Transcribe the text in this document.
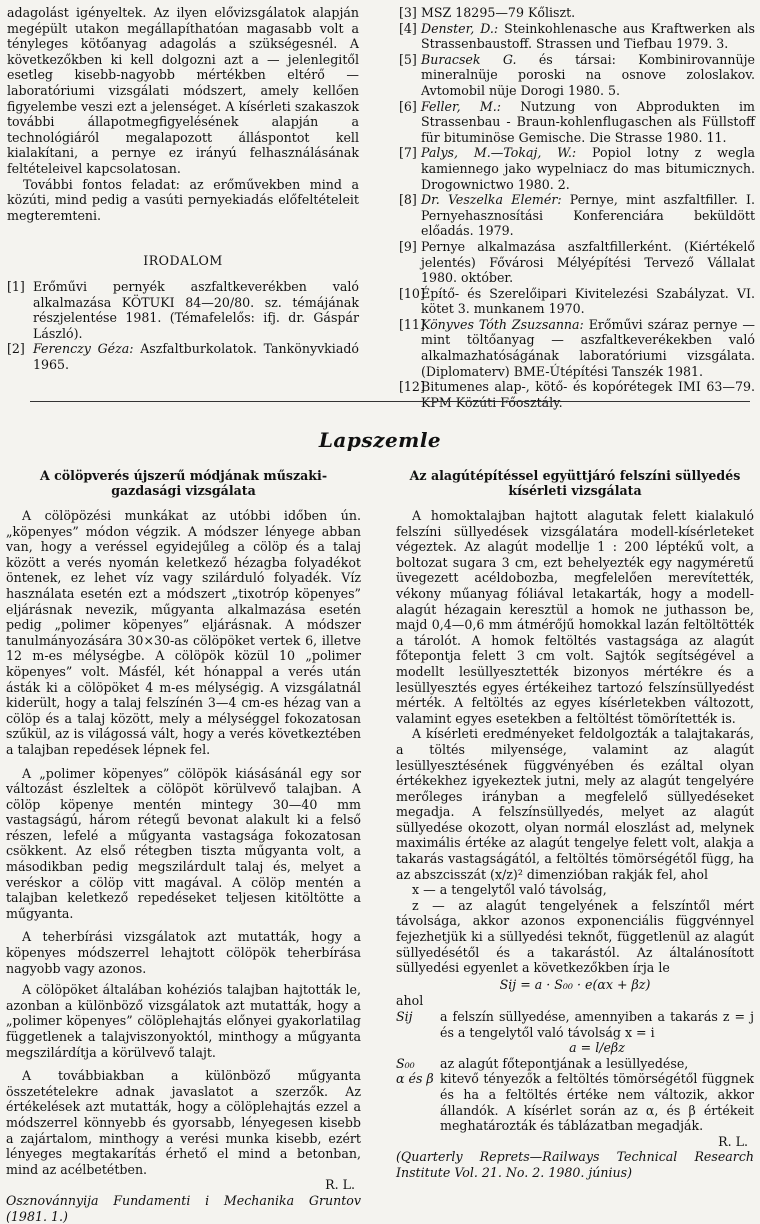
adagolást igényeltek. Az ilyen elővizsgálatok alapján megépült utakon megállapíthatóan magasabb volt a tényleges kötőanyag adagolás a szükségesnél. A következőkben ki kell dolgozni azt a — jelenlegitől esetleg kisebb-nagyobb mértékben eltérő — laboratóriumi vizsgálati módszert, amely kellően figyelembe veszi ezt a jelenséget. A kísérleti szakaszok további állapotmegfigyelésének alapján a technológiáról megalapozott álláspontot kell kialakítani, a pernye ez irányú felhasználásának feltételeivel kapcsolatosan.

További fontos feladat: az erőművekben mind a közúti, mind pedig a vasúti pernyekiadás előfeltételeit megteremteni.

IRODALOM
[1] Erőművi pernyék aszfaltkeverékben való alkalmazása KÖTUKI 84—20/80. sz. témájának részjelentése 1981. (Témafelelős: ifj. dr. Gáspár László).
[2] Ferenczy Géza: Aszfaltburkolatok. Tankönyvkiadó 1965.
[3] MSZ 18295—79 Kőliszt.
[4] Denster, D.: Steinkohlenasche aus Kraftwerken als Strassenbaustoff. Strassen und Tiefbau 1979. 3.
[5] Buracsek G. és társai: Kombinirovannüje mineralnüje poroski na osnove zoloslakov. Avtomobil nüje Dorogi 1980. 5.
[6] Feller, M.: Nutzung von Abprodukten im Strassenbau - Braun-kohlenflugaschen als Füllstoff für bituminöse Gemische. Die Strasse 1980. 11.
[7] Palys, M.—Tokaj, W.: Popiol lotny z wegla kamiennego jako wypelniacz do mas bitumicznych. Drogownictwo 1980. 2.
[8] Dr. Veszelka Elemér: Pernye, mint aszfaltfiller. I. Pernyehasznosítási Konferenciára beküldött előadás. 1979.
[9] Pernye alkalmazása aszfaltfillerként. (Kiértékelő jelentés) Fővárosi Mélyépítési Tervező Vállalat 1980. október.
[10]
Építő- és Szerelőipari Kivitelezési Szabályzat. VI. kötet 3. munkanem 1970.
[11]
Könyves Tóth Zsuzsanna: Erőművi száraz pernye — mint töltőanyag — aszfaltkeverékekben való alkalmazhatóságának laboratóriumi vizsgálata. (Diplomaterv) BME-Útépítési Tanszék 1981.
[12]
Bitumenes alap-, kötő- és kopórétegek IMI 63—79. KPM Közúti Főosztály.
Lapszemle
A cölöpverés újszerű módjának műszaki-gazdasági vizsgálata

A cölöpözési munkákat az utóbbi időben ún. „köpenyes” módon végzik. A módszer lényege abban van, hogy a veréssel egyidejűleg a cölöp és a talaj között a verés nyomán keletkező hézagba folyadékot öntenek, ez lehet víz vagy szilárduló folyadék. Víz használata esetén ezt a módszert „tixotróp köpenyes” eljárásnak nevezik, műgyanta alkalmazása esetén pedig „polimer köpenyes” eljárásnak. A módszer tanulmányozására 30×30-as cölöpöket vertek 6, illetve 12 m-es mélységbe. A cölöpök közül 10 „polimer köpenyes” volt. Másfél, két hónappal a verés után ásták ki a cölöpöket 4 m-es mélységig. A vizsgálatnál kiderült, hogy a talaj felszínén 3—4 cm-es hézag van a cölöp és a talaj között, mely a mélységgel fokozatosan szűkül, az is világossá vált, hogy a verés következtében a talajban repedések lépnek fel.

A „polimer köpenyes” cölöpök kiásásánál egy sor változást észleltek a cölöpöt körülvevő talajban. A cölöp köpenye mentén mintegy 30—40 mm vastagságú, három rétegű bevonat alakult ki a felső részen, lefelé a műgyanta vastagsága fokozatosan csökkent. Az első rétegben tiszta műgyanta volt, a másodikban pedig megszilárdult talaj és, melyet a veréskor a cölöp vitt magával. A cölöp mentén a talajban keletkező repedéseket teljesen kitöltötte a műgyanta.

A teherbírási vizsgálatok azt mutatták, hogy a köpenyes módszerrel lehajtott cölöpök teherbírása nagyobb vagy azonos.

A cölöpöket általában kohéziós talajban hajtották le, azonban a különböző vizsgálatok azt mutatták, hogy a „polimer köpenyes” cölöplehajtás előnyei gyakorlatilag függetlenek a talajviszonyoktól, minthogy a műgyanta megszilárdítja a körülvevő talajt.

A továbbiakban a különböző műgyanta összetételekre adnak javaslatot a szerzők. Az értékelések azt mutatták, hogy a cölöplehajtás ezzel a módszerrel könnyebb és gyorsabb, lényegesen kisebb a zajártalom, minthogy a verési munka kisebb, ezért lényeges megtakarítás érhető el mind a betonban, mind az acélbetétben.

R. L.
Osznovánnyija Fundamenti i Mechanika Gruntov (1981. 1.)
Az alagútépítéssel együttjáró felszíni süllyedés kísérleti vizsgálata

A homoktalajban hajtott alagutak felett kialakuló felszíni süllyedések vizsgálatára modell-kísérleteket végeztek. Az alagút modellje 1 : 200 léptékű volt, a boltozat sugara 3 cm, ezt behelyezték egy nagyméretű üvegezett acéldobozba, megfelelően merevítették, vékony műanyag fóliával letakarták, hogy a modell-alagút hézagain keresztül a homok ne juthasson be, majd 0,4—0,6 mm átmérőjű homokkal lazán feltöltötték a tárolót. A homok feltöltés vastagsága az alagút főtepontja felett 3 cm volt. Sajtók segítségével a modellt lesüllyesztették bizonyos mértékre és a lesüllyesztés egyes értékeihez tartozó felszínsüllyedést mérték. A feltöltés az egyes kísérletekben változott, valamint egyes esetekben a feltöltést tömörítették is.

A kísérleti eredményeket feldolgozták a talajtakarás, a töltés milyensége, valamint az alagút lesüllyesztésének függvényében és ezáltal olyan értékekhez igyekeztek jutni, mely az alagút tengelyére merőleges irányban a megfelelő süllyedéseket megadja. A felszínsüllyedés, melyet az alagút süllyedése okozott, olyan normál eloszlást ad, melynek maximális értéke az alagút tengelye felett volt, alakja a takarás vastagságától, a feltöltés tömörségétől függ, ha az abszcisszát (x/z)² dimenzióban rakják fel, ahol

x — a tengelytől való távolság,

z — az alagút tengelyének a felszíntől mért távolsága, akkor azonos exponenciális függvénnyel fejezhetjük ki a süllyedési teknőt, függetlenül az alagút süllyedésétől és a takarástól. Az általánosított süllyedési egyenlet a következőkben írja le

Sij = a · S₀₀ · e(αx + βz)
ahol
Sij	a felszín süllyedése, amennyiben a takarás z = j és a tengelytől való távolság x = i
a = l/eβz
S₀₀	az alagút főtepontjának a lesüllyedése,
α és β kitevő tényezők a feltöltés tömörségétől függnek és ha a feltöltés értéke nem változik, akkor állandók. A kísérlet során az α, és β értékeit meghatározták és táblázatban megadják.
R. L.
(Quarterly Reprets—Railways Technical Research Institute Vol. 21. No. 2. 1980. június)
